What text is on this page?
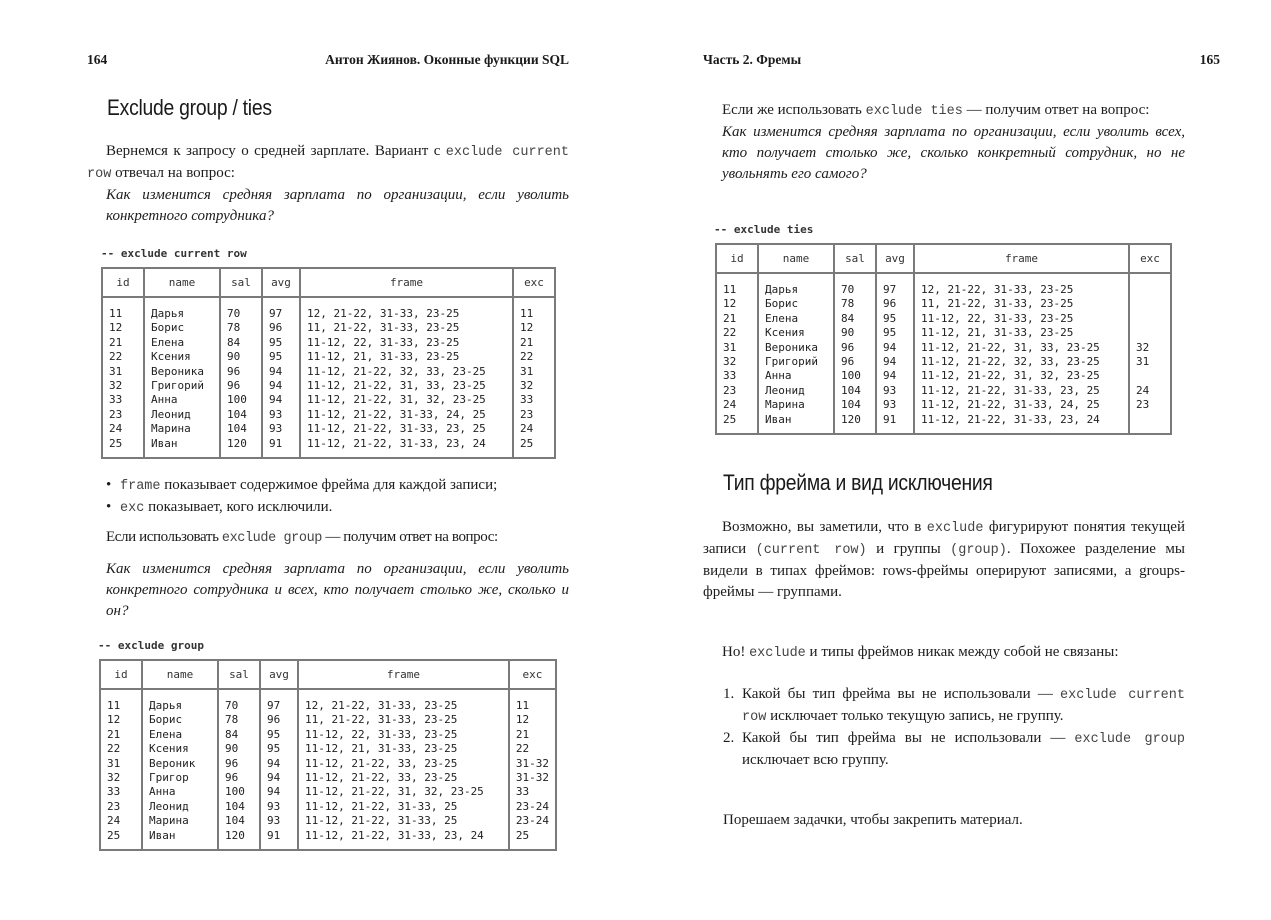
164	Антон Жиянов. Оконные функции SQL
Exclude group / ties

Вернемся к запросу о средней зарплате. Вариант с exclude current row отвечал на вопрос:

Как изменится средняя зарплата по организации, если уволить конкретного сотрудника?

-- exclude current row
id	name	sal	avg	frame	exc
11	Дарья	70	97	12, 21-22, 31-33, 23-25	11
12	Борис	78	96	11, 21-22, 31-33, 23-25	12
21	Елена	84	95	11-12, 22, 31-33, 23-25	21
22	Ксения	90	95	11-12, 21, 31-33, 23-25	22
31	Вероника	96	94	11-12, 21-22, 32, 33, 23-25	31
32	Григорий	96	94	11-12, 21-22, 31, 33, 23-25	32
33	Анна	100	94	11-12, 21-22, 31, 32, 23-25	33
23	Леонид	104	93	11-12, 21-22, 31-33, 24, 25	23
24	Марина	104	93	11-12, 21-22, 31-33, 23, 25	24
25	Иван	120	91	11-12, 21-22, 31-33, 23, 24	25
• frame показывает содержимое фрейма для каждой записи;
• exc показывает, кого исключили.
Если использовать exclude group — получим ответ на вопрос:
Как изменится средняя зарплата по организации, если уволить конкретного сотрудника и всех, кто получает столько же, сколько и он?
-- exclude group
id	name	sal	avg	frame	exc
11	Дарья	70	97	12, 21-22, 31-33, 23-25	11
12	Борис	78	96	11, 21-22, 31-33, 23-25	12
21	Елена	84	95	11-12, 22, 31-33, 23-25	21
22	Ксения	90	95	11-12, 21, 31-33, 23-25	22
31	Вероник	96	94	11-12, 21-22, 33, 23-25	31-32
32	Григор	96	94	11-12, 21-22, 33, 23-25	31-32
33	Анна	100	94	11-12, 21-22, 31, 32, 23-25	33
23	Леонид	104	93	11-12, 21-22, 31-33, 25	23-24
24	Марина	104	93	11-12, 21-22, 31-33, 25	23-24
25	Иван	120	91	11-12, 21-22, 31-33, 23, 24	25
Часть 2. Фремы	165

Если же использовать exclude ties — получим ответ на вопрос:

Как изменится средняя зарплата по организации, если уволить всех, кто получает столько же, сколько конкретный сотрудник, но не увольнять его самого?

-- exclude ties
id	name	sal	avg	frame	exc
11	Дарья	70	97	12, 21-22, 31-33, 23-25	
12	Борис	78	96	11, 21-22, 31-33, 23-25	
21	Елена	84	95	11-12, 22, 31-33, 23-25	
22	Ксения	90	95	11-12, 21, 31-33, 23-25	
31	Вероника	96	94	11-12, 21-22, 31, 33, 23-25	32
32	Григорий	96	94	11-12, 21-22, 32, 33, 23-25	31
33	Анна	100	94	11-12, 21-22, 31, 32, 23-25	
23	Леонид	104	93	11-12, 21-22, 31-33, 23, 25	24
24	Марина	104	93	11-12, 21-22, 31-33, 24, 25	23
25	Иван	120	91	11-12, 21-22, 31-33, 23, 24	
Тип фрейма и вид исключения

Возможно, вы заметили, что в exclude фигурируют понятия текущей записи (current row) и группы (group). Похожее разделение мы видели в типах фреймов: rows-фреймы оперируют записями, а groups-фреймы — группами.

Но! exclude и типы фреймов никак между собой не связаны:

1. Какой бы тип фрейма вы не использовали — exclude current row исключает только текущую запись, не группу.
2. Какой бы тип фрейма вы не использовали — exclude group исключает всю группу.
Порешаем задачки, чтобы закрепить материал.
